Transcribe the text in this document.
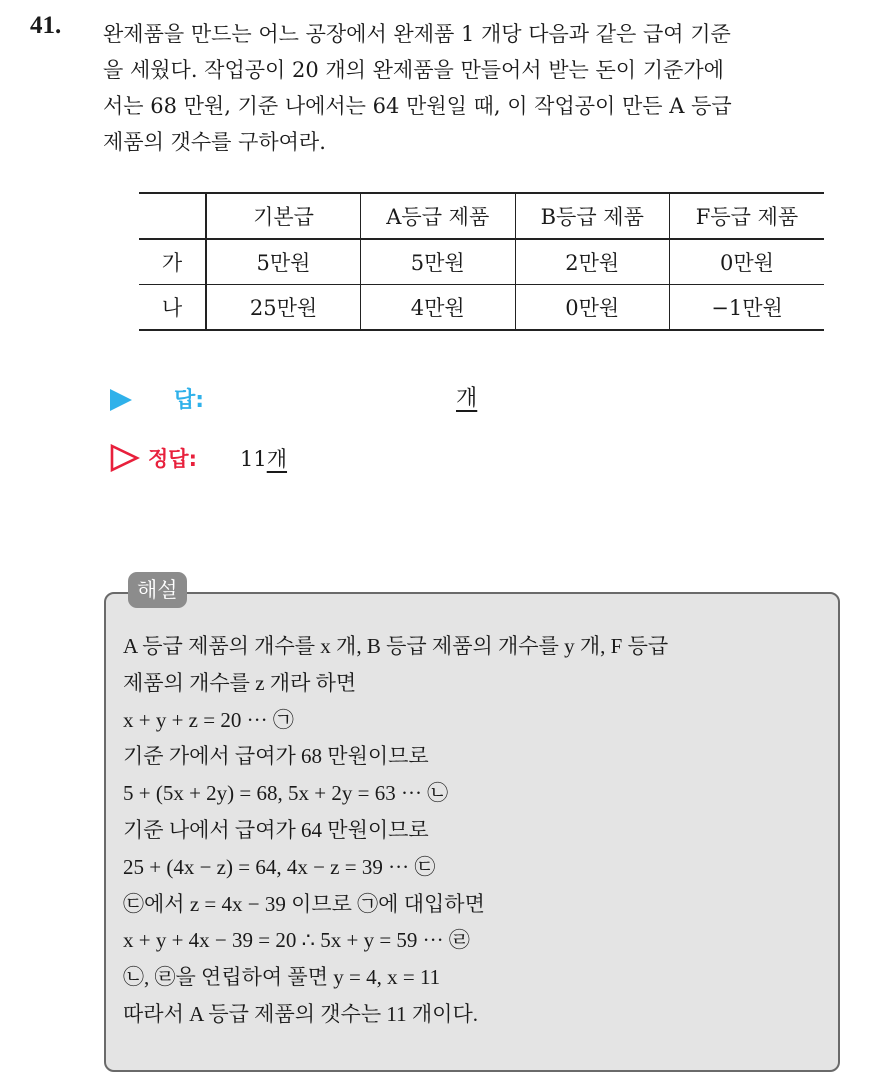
41. 완제품을 만드는 어느 공장에서 완제품 1 개당 다음과 같은 급여 기준
을 세웠다. 작업공이 20 개의 완제품을 만들어서 받는 돈이 기준가에
서는 68 만원, 기준 나에서는 64 만원일 때, 이 작업공이 만든 A 등급
제품의 갯수를 구하여라.
	기본급	A등급 제품	B등급 제품	F등급 제품
가	5만원	5만원	2만원	0만원
나	25만원	4만원	0만원	−1만원
답:	개
정답: 11개
해설
A 등급 제품의 개수를 x 개, B 등급 제품의 개수를 y 개, F 등급
제품의 개수를 z 개라 하면
x + y + z = 20 ··· ㉠
기준 가에서 급여가 68 만원이므로
5 + (5x + 2y) = 68, 5x + 2y = 63 ··· ㉡
기준 나에서 급여가 64 만원이므로
25 + (4x − z) = 64, 4x − z = 39 ··· ㉢
㉢에서 z = 4x − 39 이므로 ㉠에 대입하면
x + y + 4x − 39 = 20 ∴ 5x + y = 59 ··· ㉣
㉡, ㉣을 연립하여 풀면 y = 4, x = 11
따라서 A 등급 제품의 갯수는 11 개이다.
